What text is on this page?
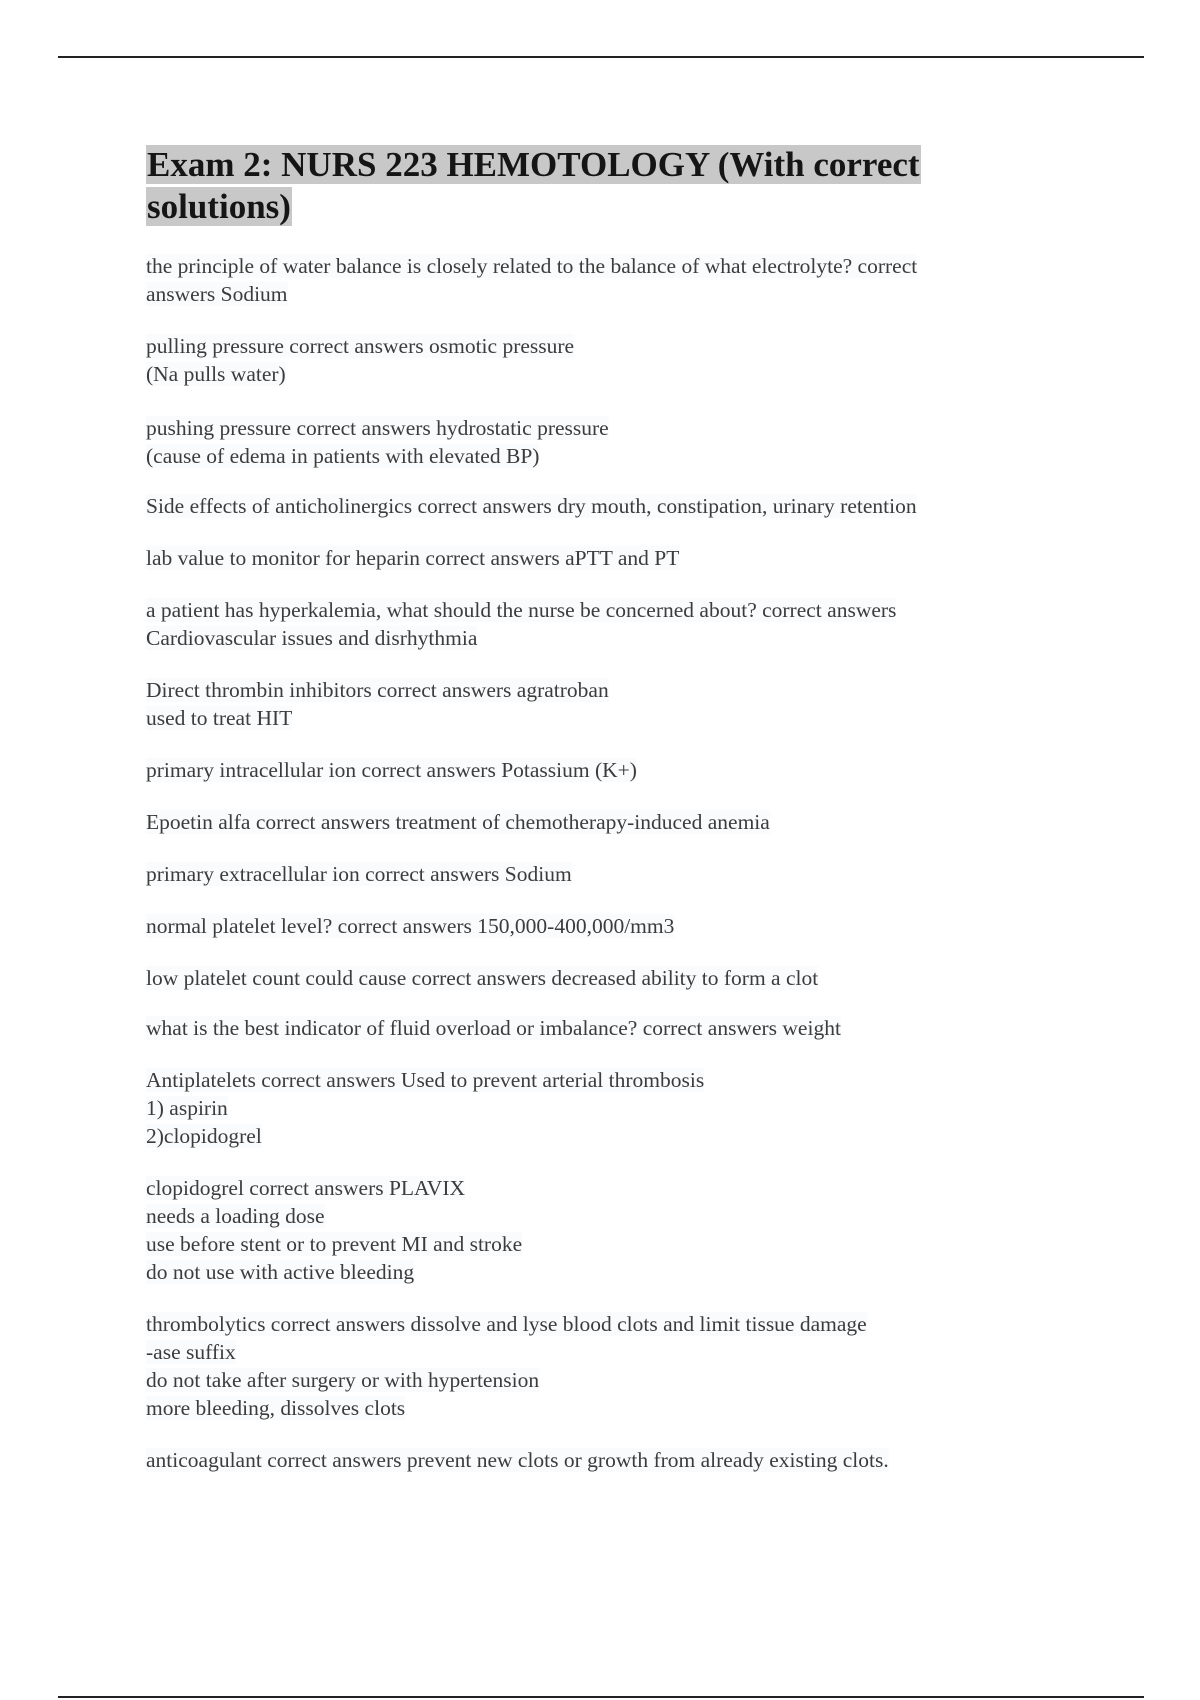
Exam 2: NURS 223 HEMOTOLOGY (With correct solutions)
the principle of water balance is closely related to the balance of what electrolyte? correct
answers Sodium
pulling pressure correct answers osmotic pressure
(Na pulls water)
pushing pressure correct answers hydrostatic pressure
(cause of edema in patients with elevated BP)
Side effects of anticholinergics correct answers dry mouth, constipation, urinary retention
lab value to monitor for heparin correct answers aPTT and PT
a patient has hyperkalemia, what should the nurse be concerned about? correct answers
Cardiovascular issues and disrhythmia
Direct thrombin inhibitors correct answers agratroban
used to treat HIT
primary intracellular ion correct answers Potassium (K+)
Epoetin alfa correct answers treatment of chemotherapy-induced anemia
primary extracellular ion correct answers Sodium
normal platelet level? correct answers 150,000-400,000/mm3
low platelet count could cause correct answers decreased ability to form a clot
what is the best indicator of fluid overload or imbalance? correct answers weight
Antiplatelets correct answers Used to prevent arterial thrombosis
1) aspirin
2)clopidogrel
clopidogrel correct answers PLAVIX
needs a loading dose
use before stent or to prevent MI and stroke
do not use with active bleeding
thrombolytics correct answers dissolve and lyse blood clots and limit tissue damage
-ase suffix
do not take after surgery or with hypertension
more bleeding, dissolves clots
anticoagulant correct answers prevent new clots or growth from already existing clots.
